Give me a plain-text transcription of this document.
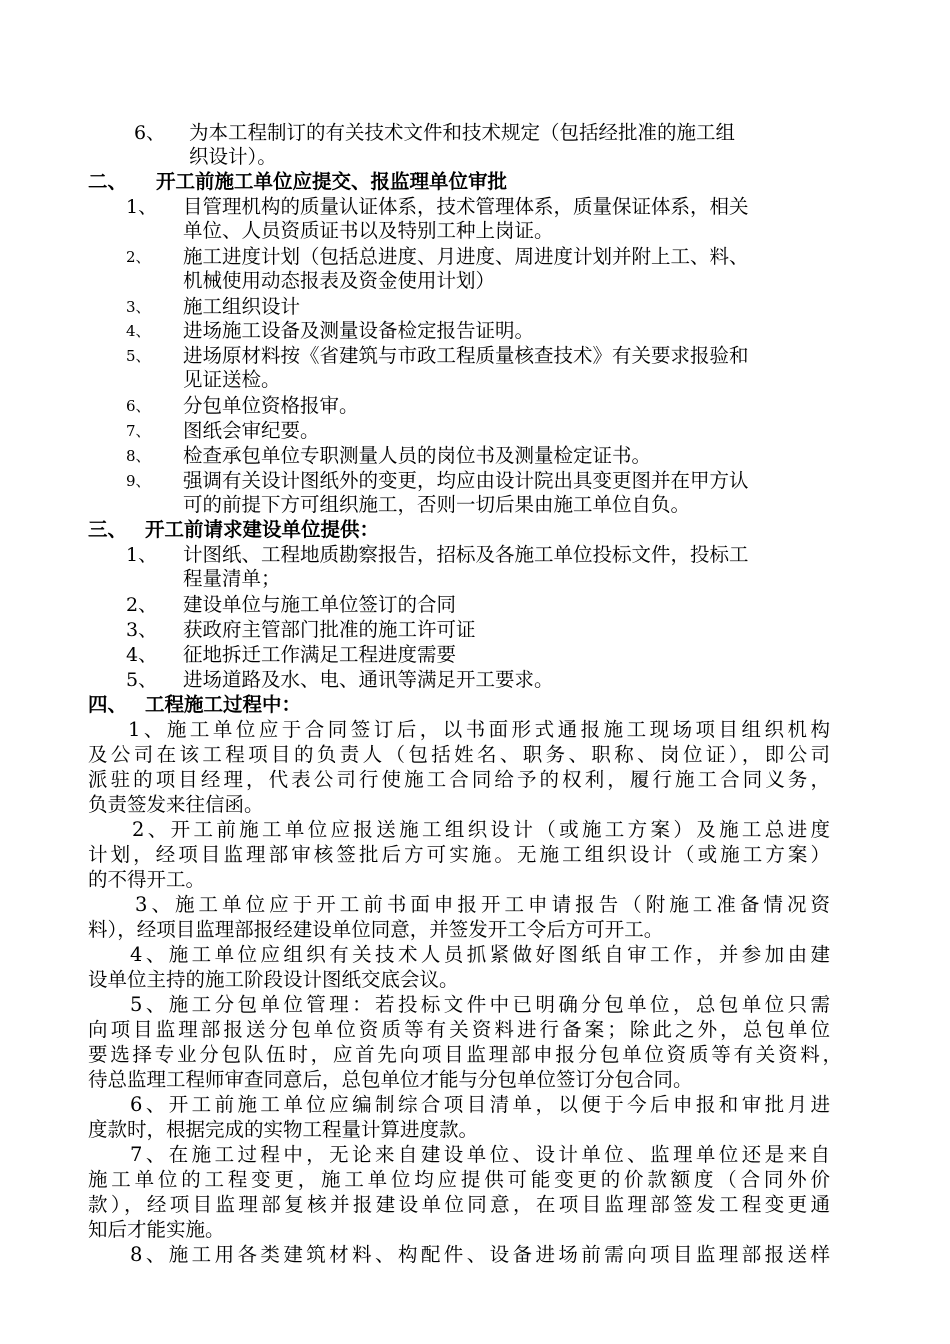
6、 为本工程制订的有关技术文件和技术规定（包括经批准的施工组
织设计）。
二、 开工前施工单位应提交、报监理单位审批
1、 目管理机构的质量认证体系，技术管理体系，质量保证体系，相关
单位、人员资质证书以及特别工种上岗证。
2、 施工进度计划（包括总进度、月进度、周进度计划并附上工、料、
机械使用动态报表及资金使用计划）
3、 施工组织设计
4、 进场施工设备及测量设备检定报告证明。
5、 进场原材料按《省建筑与市政工程质量核查技术》有关要求报验和
见证送检。
6、 分包单位资格报审。
7、 图纸会审纪要。
8、 检查承包单位专职测量人员的岗位书及测量检定证书。
9、 强调有关设计图纸外的变更，均应由设计院出具变更图并在甲方认
可的前提下方可组织施工，否则一切后果由施工单位自负。
三、 开工前请求建设单位提供：
1、 计图纸、工程地质勘察报告，招标及各施工单位投标文件，投标工
程量清单；
2、 建设单位与施工单位签订的合同
3、 获政府主管部门批准的施工许可证
4、 征地拆迁工作满足工程进度需要
5、 进场道路及水、电、通讯等满足开工要求。
四、 工程施工过程中：
1、施工单位应于合同签订后，以书面形式通报施工现场项目组织机构
及公司在该工程项目的负责人（包括姓名、职务、职称、岗位证），即公司
派驻的项目经理，代表公司行使施工合同给予的权利，履行施工合同义务，
负责签发来往信函。
2、开工前施工单位应报送施工组织设计（或施工方案）及施工总进度
计划，经项目监理部审核签批后方可实施。无施工组织设计（或施工方案）
的不得开工。
3、施工单位应于开工前书面申报开工申请报告（附施工准备情况资
料），经项目监理部报经建设单位同意，并签发开工令后方可开工。
4、施工单位应组织有关技术人员抓紧做好图纸自审工作，并参加由建
设单位主持的施工阶段设计图纸交底会议。
5、施工分包单位管理：若投标文件中已明确分包单位，总包单位只需
向项目监理部报送分包单位资质等有关资料进行备案；除此之外，总包单位
要选择专业分包队伍时，应首先向项目监理部申报分包单位资质等有关资料，
待总监理工程师审查同意后，总包单位才能与分包单位签订分包合同。
6、开工前施工单位应编制综合项目清单，以便于今后申报和审批月进
度款时，根据完成的实物工程量计算进度款。
7、在施工过程中，无论来自建设单位、设计单位、监理单位还是来自
施工单位的工程变更，施工单位均应提供可能变更的价款额度（合同外价
款），经项目监理部复核并报建设单位同意，在项目监理部签发工程变更通
知后才能实施。
8、施工用各类建筑材料、构配件、设备进场前需向项目监理部报送样
